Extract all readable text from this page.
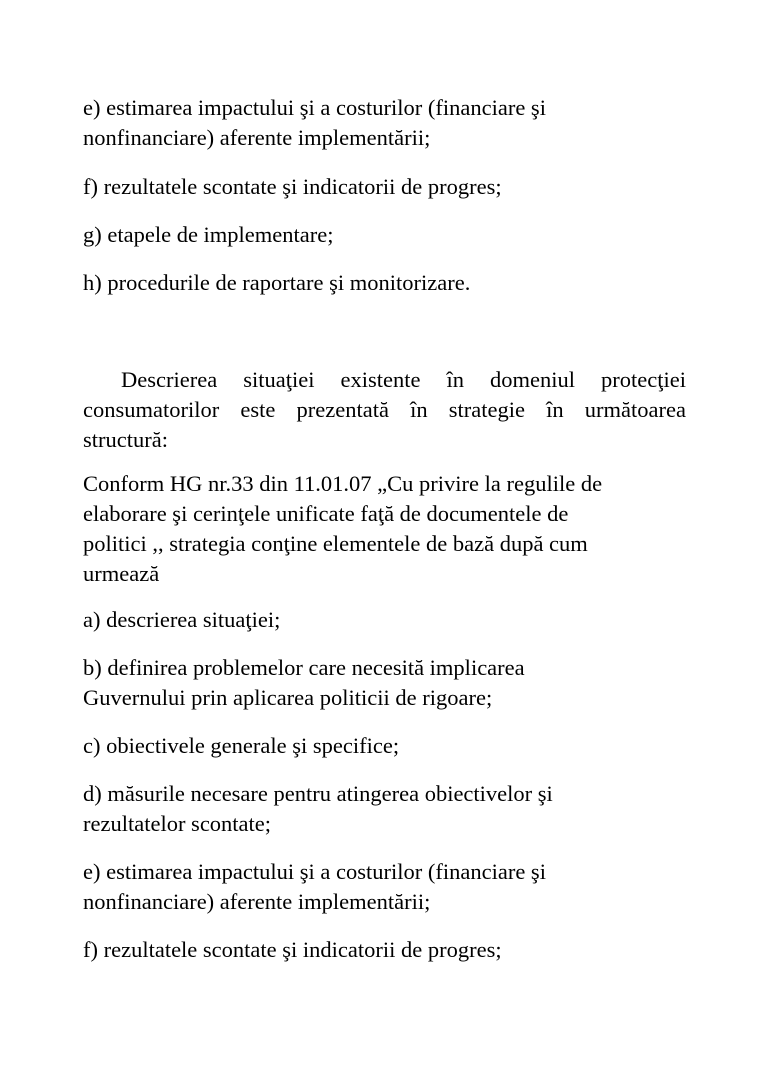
e) estimarea impactului şi a costurilor (financiare şi
nonfinanciare) aferente implementării;

f) rezultatele scontate şi indicatorii de progres;

g) etapele de implementare;

h) procedurile de raportare şi monitorizare.

Descrierea situaţiei existente în domeniul protecţiei
consumatorilor este prezentată în strategie în următoarea
structură:

Conform HG nr.33 din 11.01.07 „Cu privire la regulile de
elaborare şi cerinţele unificate faţă de documentele de
politici ,, strategia conţine elementele de bază după cum
urmează

a) descrierea situaţiei;

b) definirea problemelor care necesită implicarea
Guvernului prin aplicarea politicii de rigoare;

c) obiectivele generale şi specifice;

d) măsurile necesare pentru atingerea obiectivelor şi
rezultatelor scontate;

e) estimarea impactului şi a costurilor (financiare şi
nonfinanciare) aferente implementării;

f) rezultatele scontate şi indicatorii de progres;
